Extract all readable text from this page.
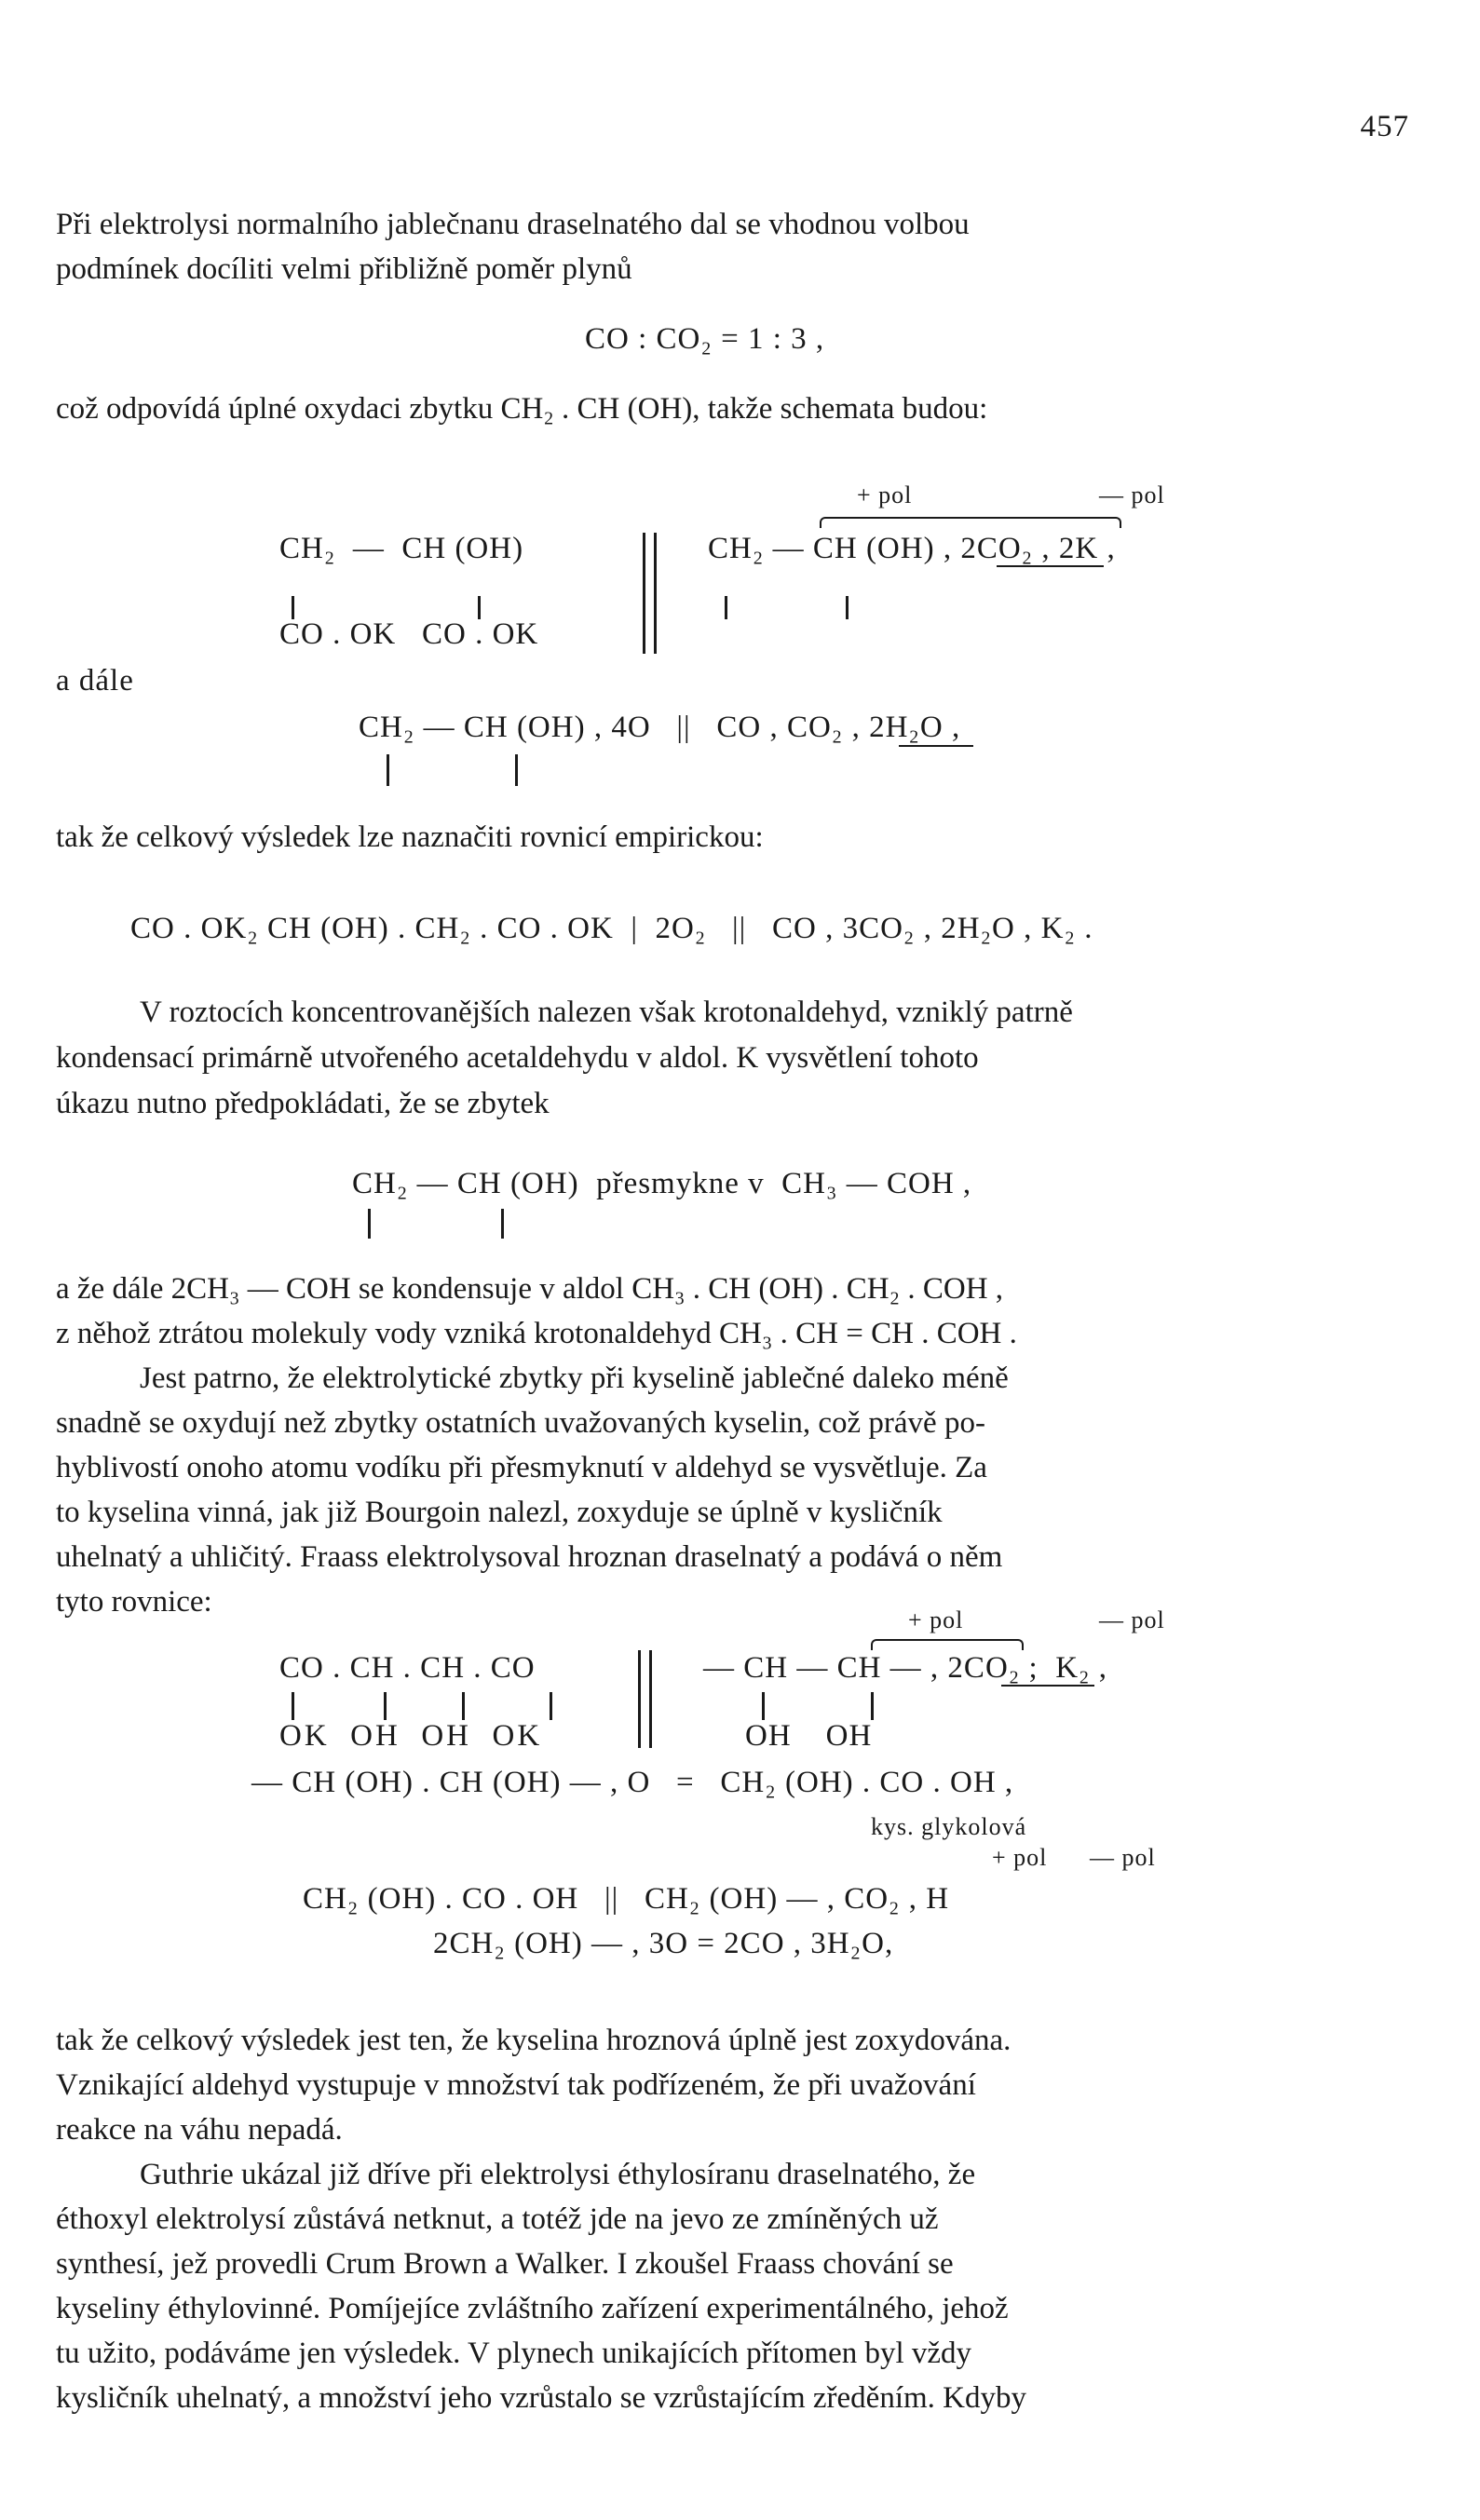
457
Při elektrolysi normalního jablečnanu draselnatého dal se vhodnou volbou
podmínek docíliti velmi přibližně poměr plynů
CO : CO₂ = 1 : 3 ,
což odpovídá úplné oxydaci zbytku CH₂ . CH (OH), takže schemata budou:
+ pol	— pol
CH₂  —  CH (OH)	CH₂ — CH (OH) , 2CO₂ , 2K ,
CO . OK   CO . OK
a dále
CH₂ — CH (OH) , 4O   ||   CO , CO₂ , 2H₂O ,
tak že celkový výsledek lze naznačiti rovnicí empirickou:
CO . OK₂ CH (OH) . CH₂ . CO . OK  |  2O₂   ||   CO , 3CO₂ , 2H₂O , K₂ .
V roztocích koncentrovanějších nalezen však krotonaldehyd, vzniklý patrně
kondensací primárně utvořeného acetaldehydu v aldol. K vysvětlení tohoto
úkazu nutno předpokládati, že se zbytek
CH₂ — CH (OH)  přesmykne v  CH₃ — COH ,
a že dále 2CH₃ — COH se kondensuje v aldol CH₃ . CH (OH) . CH₂ . COH ,
z něhož ztrátou molekuly vody vzniká krotonaldehyd CH₃ . CH = CH . COH .
Jest patrno, že elektrolytické zbytky při kyselině jablečné daleko méně
snadně se oxydují než zbytky ostatních uvažovaných kyselin, což právě po-
hyblivostí onoho atomu vodíku při přesmyknutí v aldehyd se vysvětluje. Za
to kyselina vinná, jak již Bourgoin nalezl, zoxyduje se úplně v kysličník
uhelnatý a uhličitý. Fraass elektrolysoval hroznan draselnatý a podává o něm
tyto rovnice:
+ pol	— pol
CO . CH . CH . CO	— CH — CH — , 2CO₂ ;  K₂ ,
OK  OH  OH  OK	OH    OH
— CH (OH) . CH (OH) — , O   =   CH₂ (OH) . CO . OH ,
kys. glykolová
+ pol — pol
CH₂ (OH) . CO . OH   ||   CH₂ (OH) — , CO₂ , H
2CH₂ (OH) — , 3O = 2CO , 3H₂O,
tak že celkový výsledek jest ten, že kyselina hroznová úplně jest zoxydována.
Vznikající aldehyd vystupuje v množství tak podřízeném, že při uvažování
reakce na váhu nepadá.
Guthrie ukázal již dříve při elektrolysi éthylosíranu draselnatého, že
éthoxyl elektrolysí zůstává netknut, a totéž jde na jevo ze zmíněných už
synthesí, jež provedli Crum Brown a Walker. I zkoušel Fraass chování se
kyseliny éthylovinné. Pomíjejíce zvláštního zařízení experimentálného, jehož
tu užito, podáváme jen výsledek. V plynech unikajících přítomen byl vždy
kysličník uhelnatý, a množství jeho vzrůstalo se vzrůstajícím zředěním. Kdyby
